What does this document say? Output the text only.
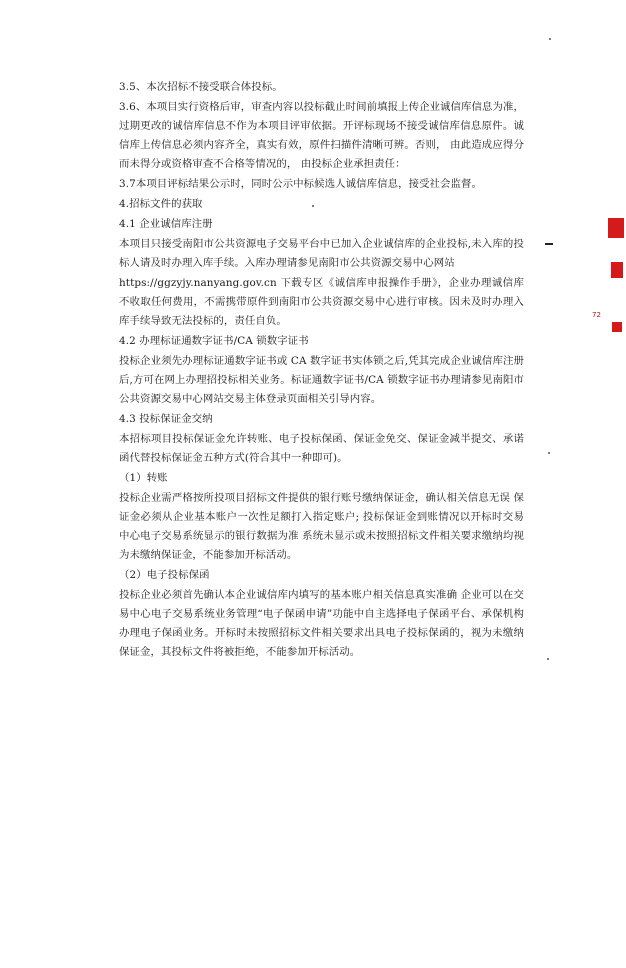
3.5、本次招标不接受联合体投标。

3.6、本项目实行资格后审，审查内容以投标截止时间前填报上传企业诚信库信息为准，过期更改的诚信库信息不作为本项目评审依据。开评标现场不接受诚信库信息原件。诚信库上传信息必须内容齐全，真实有效，原件扫描件清晰可辨。否则， 由此造成应得分而未得分或资格审查不合格等情况的， 由投标企业承担责任：

3.7本项目评标结果公示时，同时公示中标候选人诚信库信息，接受社会监督。

4.招标文件的获取

4.1 企业诚信库注册

本项目只接受南阳市公共资源电子交易平台中已加入企业诚信库的企业投标,未入库的投标人请及时办理入库手续。入库办理请参见南阳市公共资源交易中心网站

https://ggzyjy.nanyang.gov.cn 下载专区《诚信库申报操作手册》，企业办理诚信库不收取任何费用，不需携带原件到南阳市公共资源交易中心进行审核。因未及时办理入库手续导致无法投标的，责任自负。

4.2 办理标证通数字证书/CA 锁数字证书

投标企业须先办理标证通数字证书或 CA 数字证书实体锁之后,凭其完成企业诚信库注册后,方可在网上办理招投标相关业务。标证通数字证书/CA 锁数字证书办理请参见南阳市公共资源交易中心网站交易主体登录页面相关引导内容。

4.3 投标保证金交纳

本招标项目投标保证金允许转账、电子投标保函、保证金免交、保证金减半提交、承诺函代替投标保证金五种方式(符合其中一种即可)。

（1）转账

投标企业需严格按所投项目招标文件提供的银行账号缴纳保证金，确认相关信息无误 保证金必须从企业基本账户一次性足额打入指定账户; 投标保证金到账情况以开标时交易中心电子交易系统显示的银行数据为准 系统未显示或未按照招标文件相关要求缴纳均视为未缴纳保证金，不能参加开标活动。

（2）电子投标保函

投标企业必须首先确认本企业诚信库内填写的基本账户相关信息真实准确 企业可以在交易中心电子交易系统业务管理“电子保函申请”功能中自主选择电子保函平台、承保机构办理电子保函业务。开标时未按照招标文件相关要求出具电子投标保函的，视为未缴纳保证金，其投标文件将被拒绝，不能参加开标活动。

72
